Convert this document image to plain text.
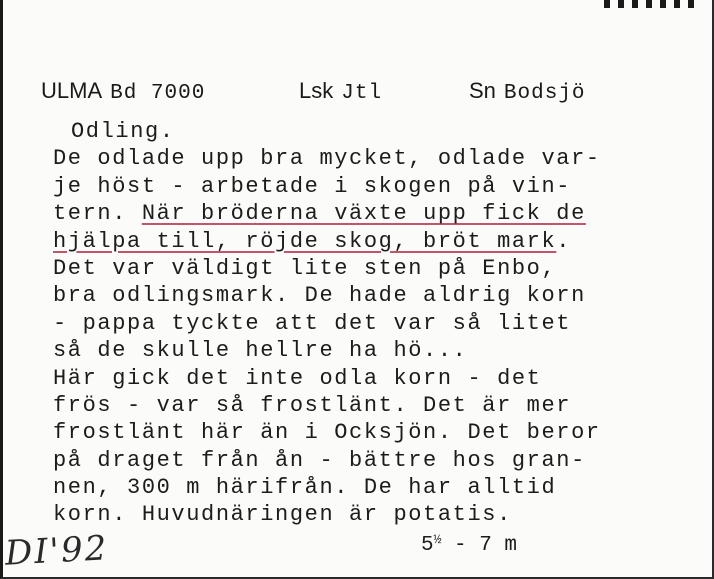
ULMA Bd 7000	Lsk Jtl	Sn Bodsjö
Odling.
De odlade upp bra mycket, odlade var-
je höst - arbetade i skogen på vin-
tern. När bröderna växte upp fick de
hjälpa till, röjde skog, bröt mark.
Det var väldigt lite sten på Enbo,
bra odlingsmark. De hade aldrig korn
- pappa tyckte att det var så litet
så de skulle hellre ha hö...
Här gick det inte odla korn - det
frös - var så frostlänt. Det är mer
frostlänt här än i Ocksjön. Det beror
på draget från ån - bättre hos gran-
nen, 300 m härifrån. De har alltid
korn. Huvudnäringen är potatis.
$5^{\frac{1}{2}} - 7$ m
DI'92
